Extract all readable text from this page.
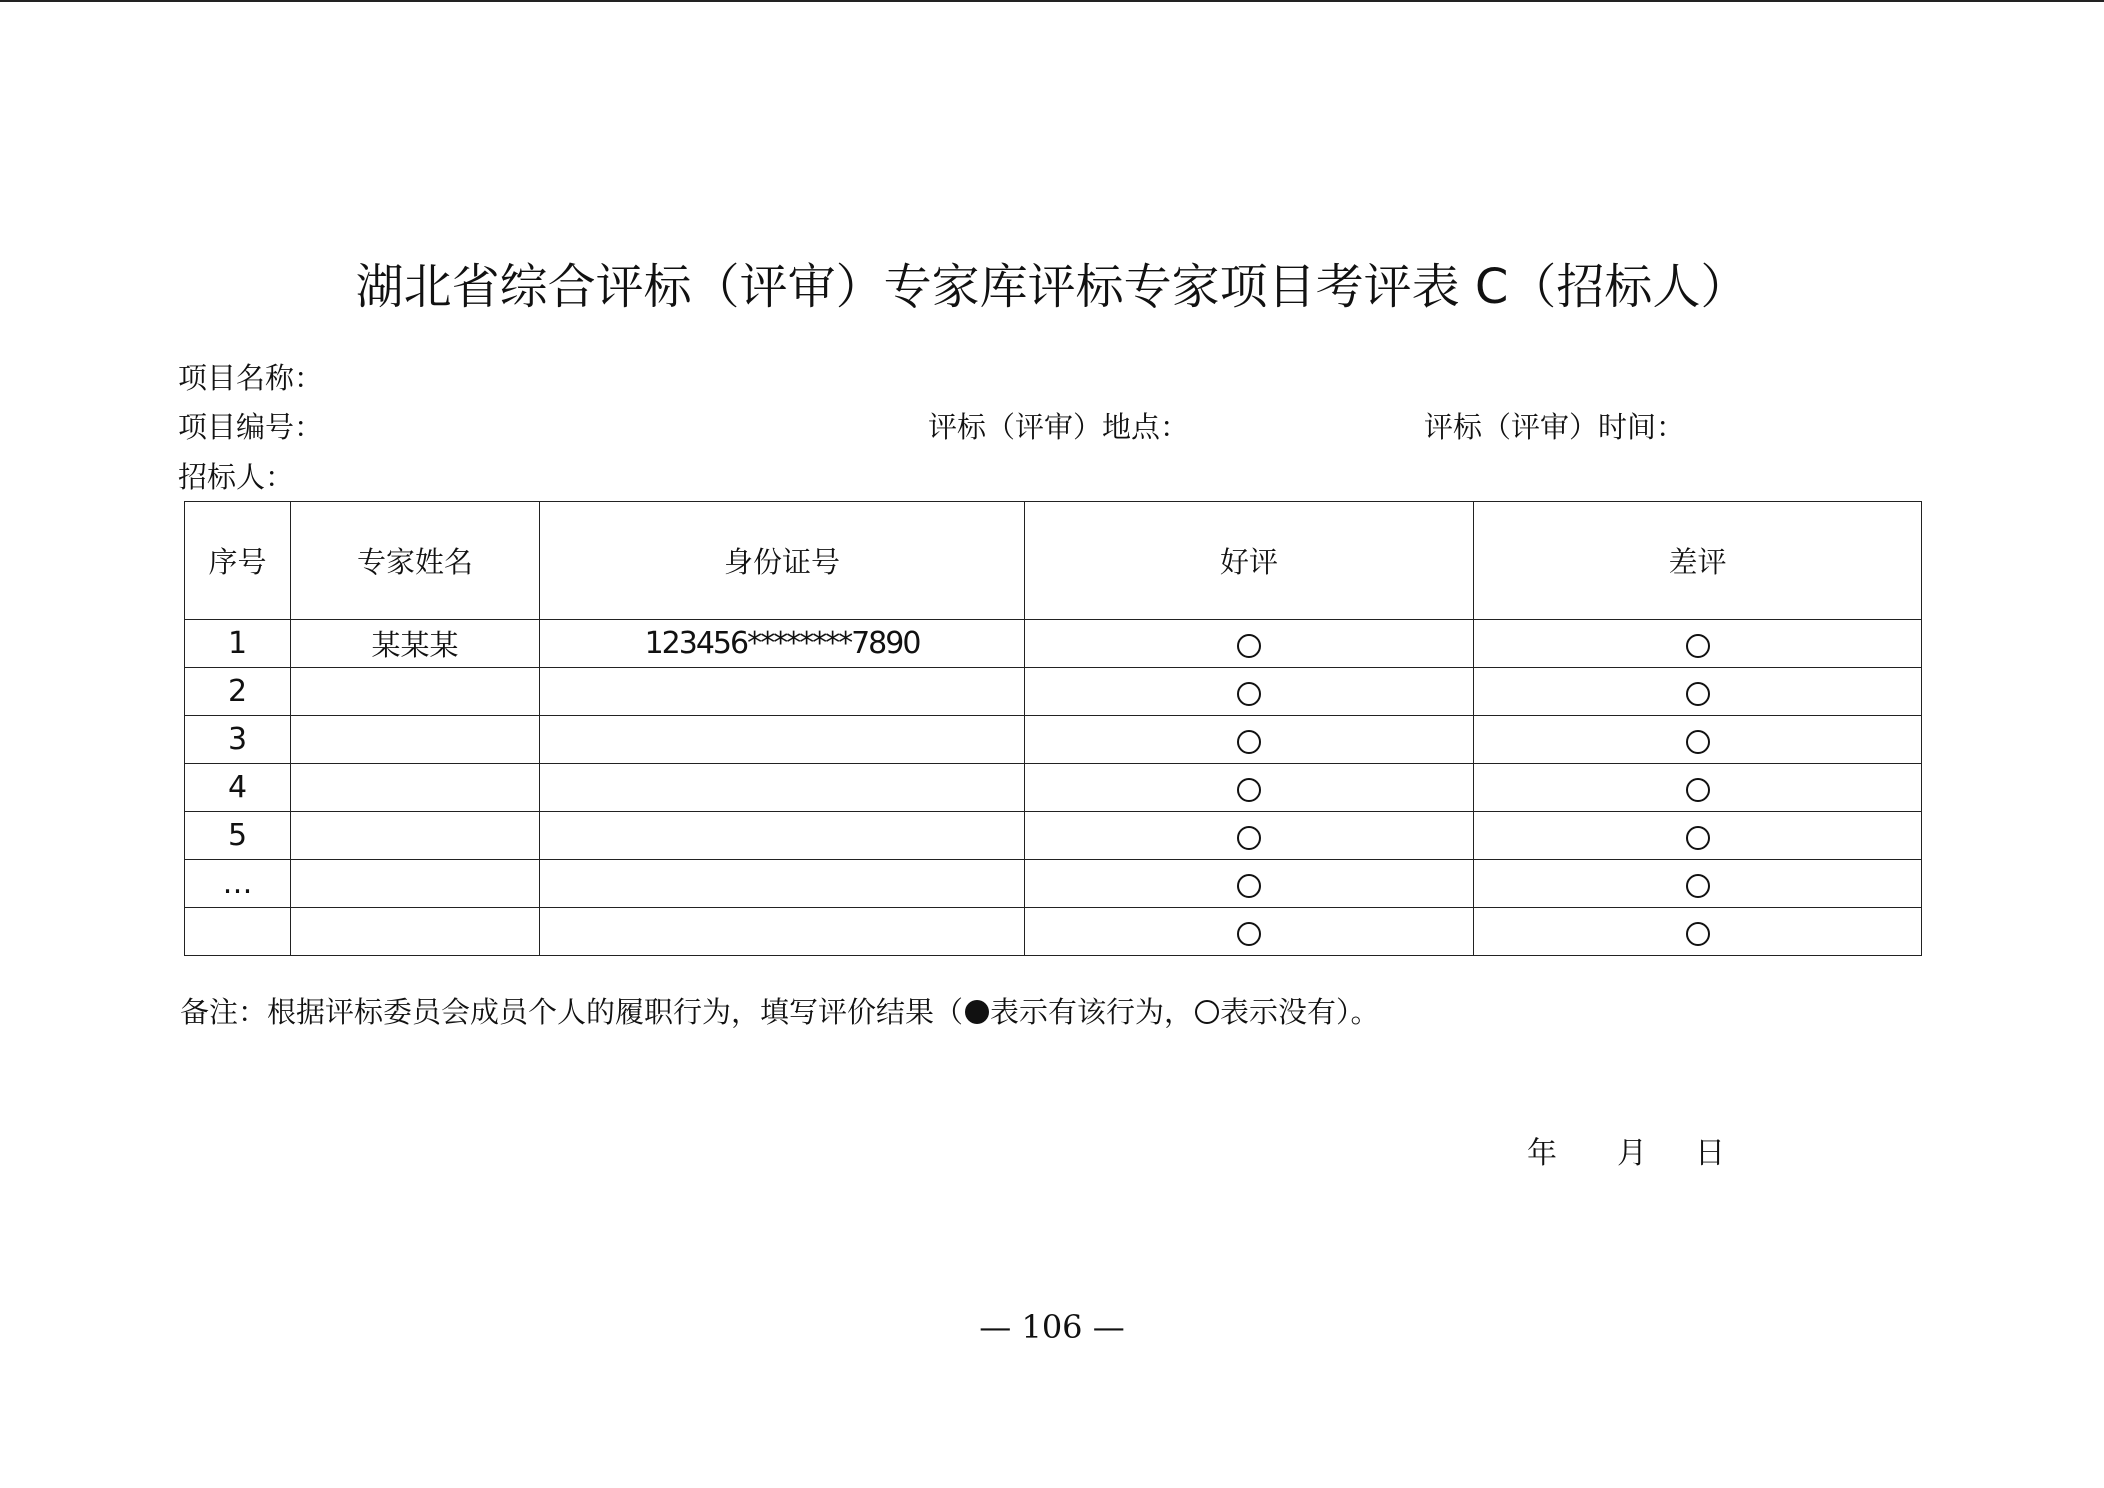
湖北省综合评标（评审）专家库评标专家项目考评表 C（招标人）
项目名称：
项目编号：	评标（评审）地点：	评标（评审）时间：
招标人：
序号	专家姓名	身份证号	好评	差评
1	某某某	123456********7890		
2				
3				
4				
5				
…				

备注：根据评标委员会成员个人的履职行为，填写评价结果（ 表示有该行为， 表示没有）。
年 月 日
— 106 —
